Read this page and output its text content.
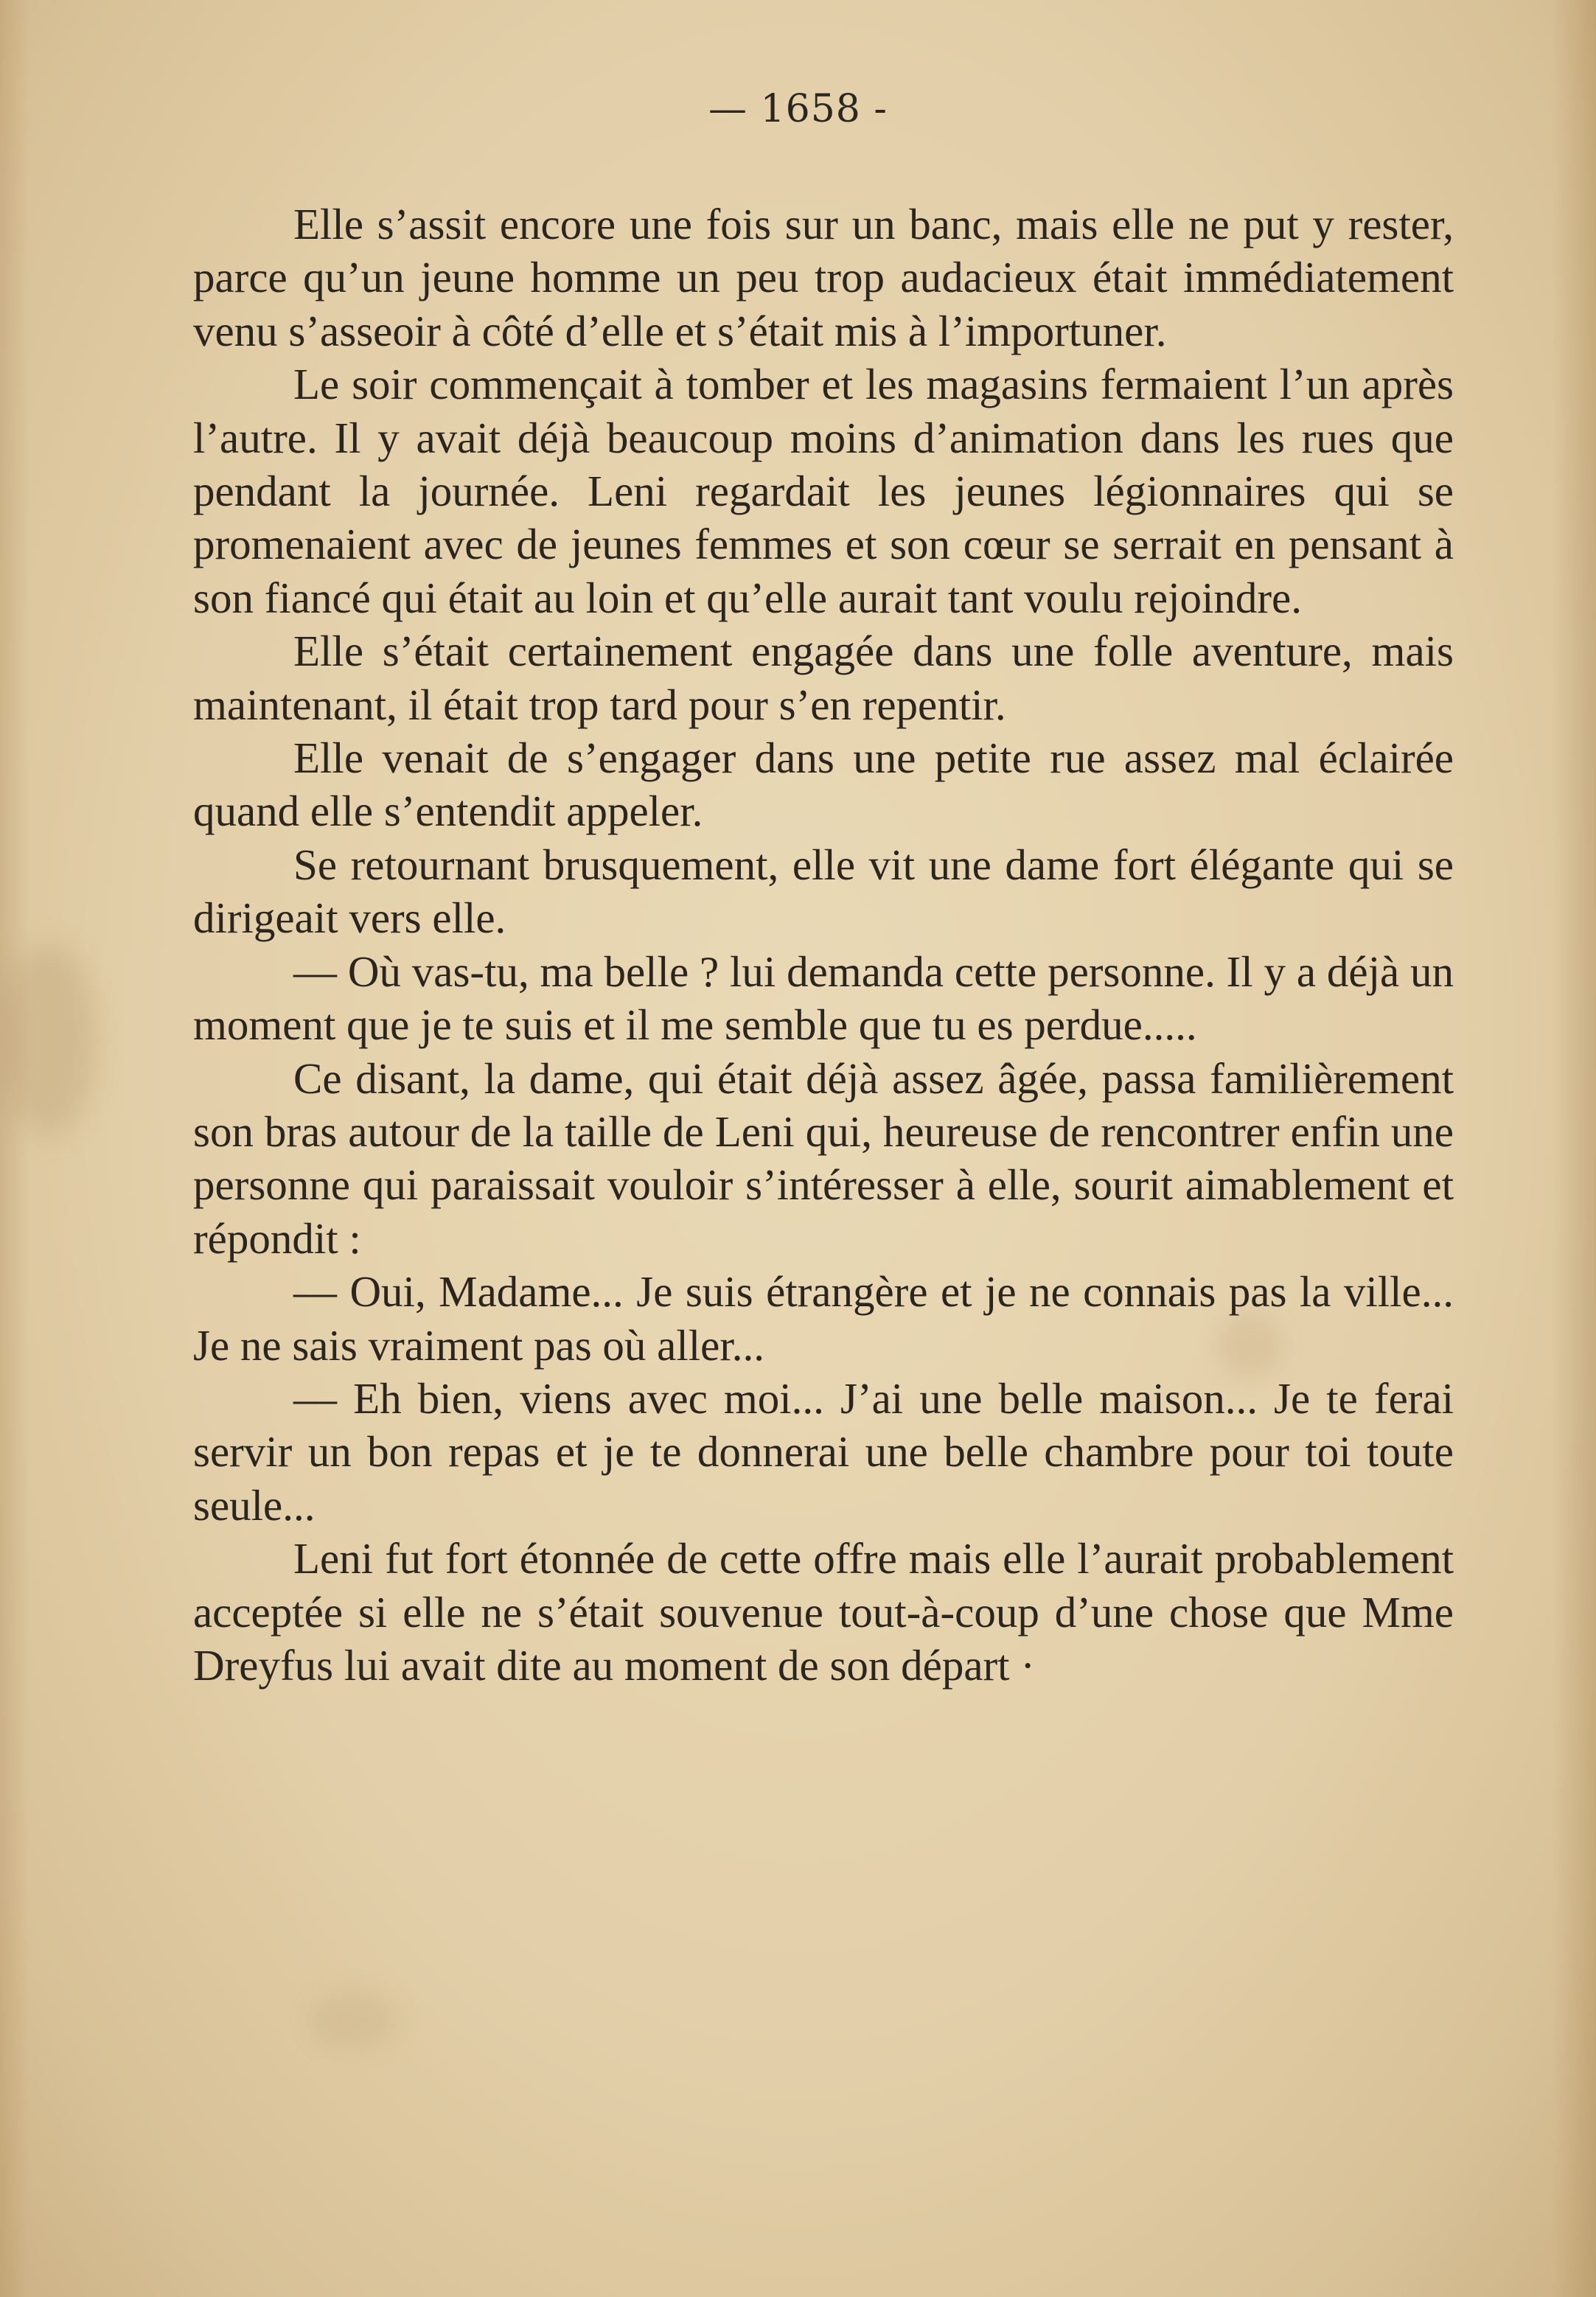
— 1658 -

Elle s’assit encore une fois sur un banc, mais elle ne put y rester, parce qu’un jeune homme un peu trop audacieux était immédiatement venu s’asseoir à côté d’elle et s’était mis à l’importuner.

Le soir commençait à tomber et les magasins fermaient l’un après l’autre. Il y avait déjà beaucoup moins d’animation dans les rues que pendant la journée. Leni regardait les jeunes légionnaires qui se promenaient avec de jeunes femmes et son cœur se serrait en pensant à son fiancé qui était au loin et qu’elle aurait tant voulu rejoindre.

Elle s’était certainement engagée dans une folle aventure, mais maintenant, il était trop tard pour s’en repentir.

Elle venait de s’engager dans une petite rue assez mal éclairée quand elle s’entendit appeler.

Se retournant brusquement, elle vit une dame fort élégante qui se dirigeait vers elle.

— Où vas-tu, ma belle ? lui demanda cette personne. Il y a déjà un moment que je te suis et il me semble que tu es perdue.....

Ce disant, la dame, qui était déjà assez âgée, passa familièrement son bras autour de la taille de Leni qui, heureuse de rencontrer enfin une personne qui paraissait vouloir s’intéresser à elle, sourit aimablement et répondit :

— Oui, Madame... Je suis étrangère et je ne connais pas la ville... Je ne sais vraiment pas où aller...

— Eh bien, viens avec moi... J’ai une belle maison... Je te ferai servir un bon repas et je te donnerai une belle chambre pour toi toute seule...

Leni fut fort étonnée de cette offre mais elle l’aurait probablement acceptée si elle ne s’était souvenue tout-à-coup d’une chose que Mme Dreyfus lui avait dite au moment de son départ ·
